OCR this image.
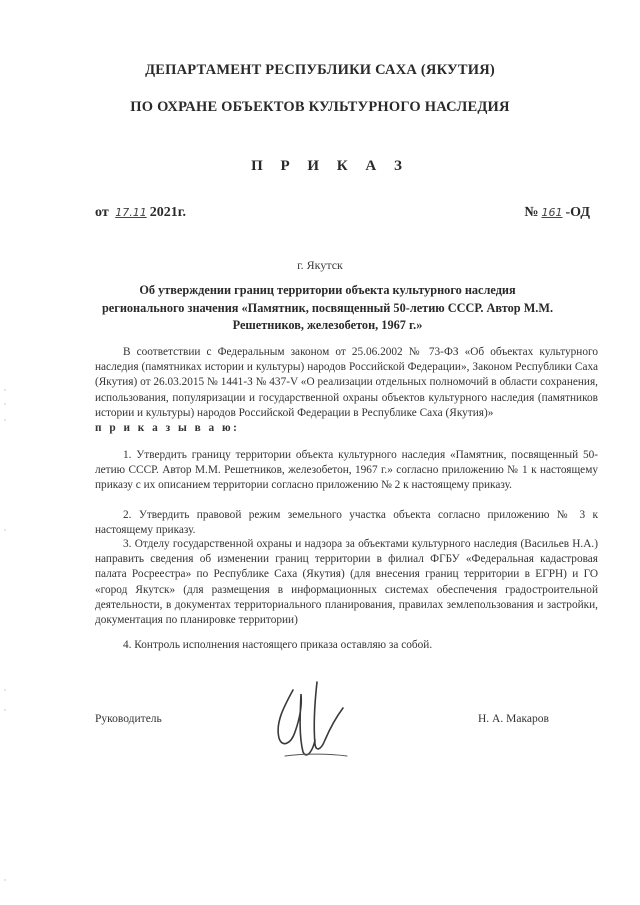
ДЕПАРТАМЕНТ РЕСПУБЛИКИ САХА (ЯКУТИЯ)
ПО ОХРАНЕ ОБЪЕКТОВ КУЛЬТУРНОГО НАСЛЕДИЯ
П Р И К А З
от 17.11 2021г.	№ 161 -ОД
г. Якутск
Об утверждении границ территории объекта культурного наследия регионального значения «Памятник, посвященный 50-летию СССР. Автор М.М. Решетников, железобетон, 1967 г.»

В соответствии с Федеральным законом от 25.06.2002 № 73-ФЗ «Об объектах культурного наследия (памятниках истории и культуры) народов Российской Федерации», Законом Республики Саха (Якутия) от 26.03.2015 № 1441-З № 437-V «О реализации отдельных полномочий в области сохранения, использования, популяризации и государственной охраны объектов культурного наследия (памятников истории и культуры) народов Российской Федерации в Республике Саха (Якутия)»
п р и к а з ы в а ю:

1. Утвердить границу территории объекта культурного наследия «Памятник, посвященный 50-летию СССР. Автор М.М. Решетников, железобетон, 1967 г.» согласно приложению № 1 к настоящему приказу с их описанием территории согласно приложению № 2 к настоящему приказу.

2. Утвердить правовой режим земельного участка объекта согласно приложению № 3 к настоящему приказу.

3. Отделу государственной охраны и надзора за объектами культурного наследия (Васильев Н.А.) направить сведения об изменении границ территории в филиал ФГБУ «Федеральная кадастровая палата Росреестра» по Республике Саха (Якутия) (для внесения границ территории в ЕГРН) и ГО «город Якутск» (для размещения в информационных системах обеспечения градостроительной деятельности, в документах территориального планирования, правилах землепользования и застройки, документация по планировке территории)

4. Контроль исполнения настоящего приказа оставляю за собой.

Руководитель	Н. А. Макаров
